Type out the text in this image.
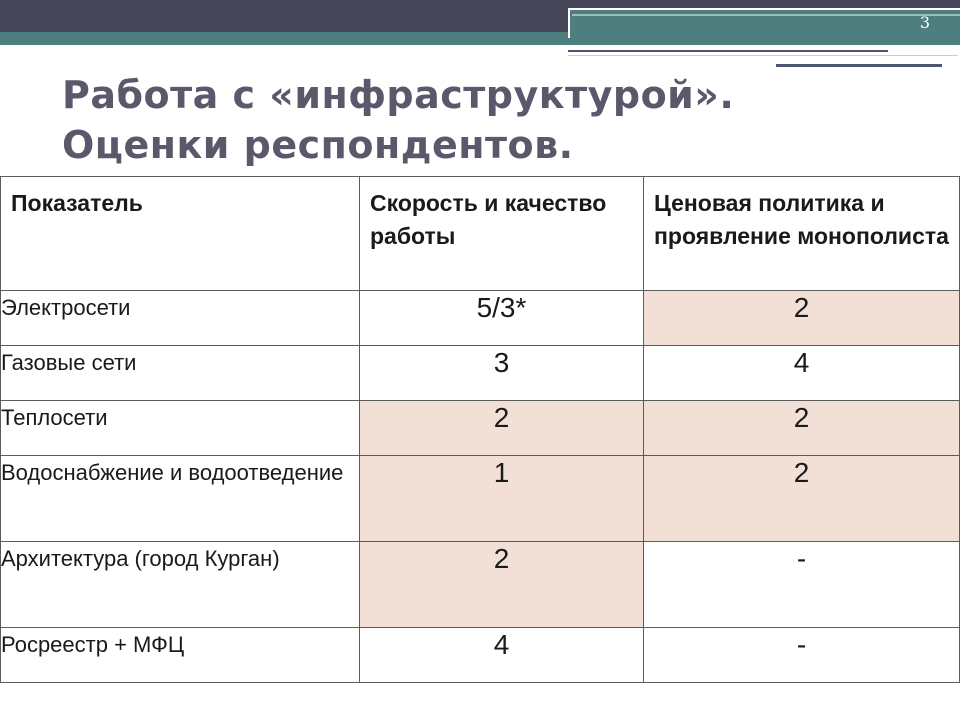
3
Работа с «инфраструктурой».
Оценки респондентов.
Показатель	Скорость и качество работы	Ценовая политика и проявление монополиста
Электросети	5/3*	2
Газовые сети	3	4
Теплосети	2	2
Водоснабжение и водоотведение	1	2
Архитектура (город Курган)	2	-
Росреестр + МФЦ	4	-
